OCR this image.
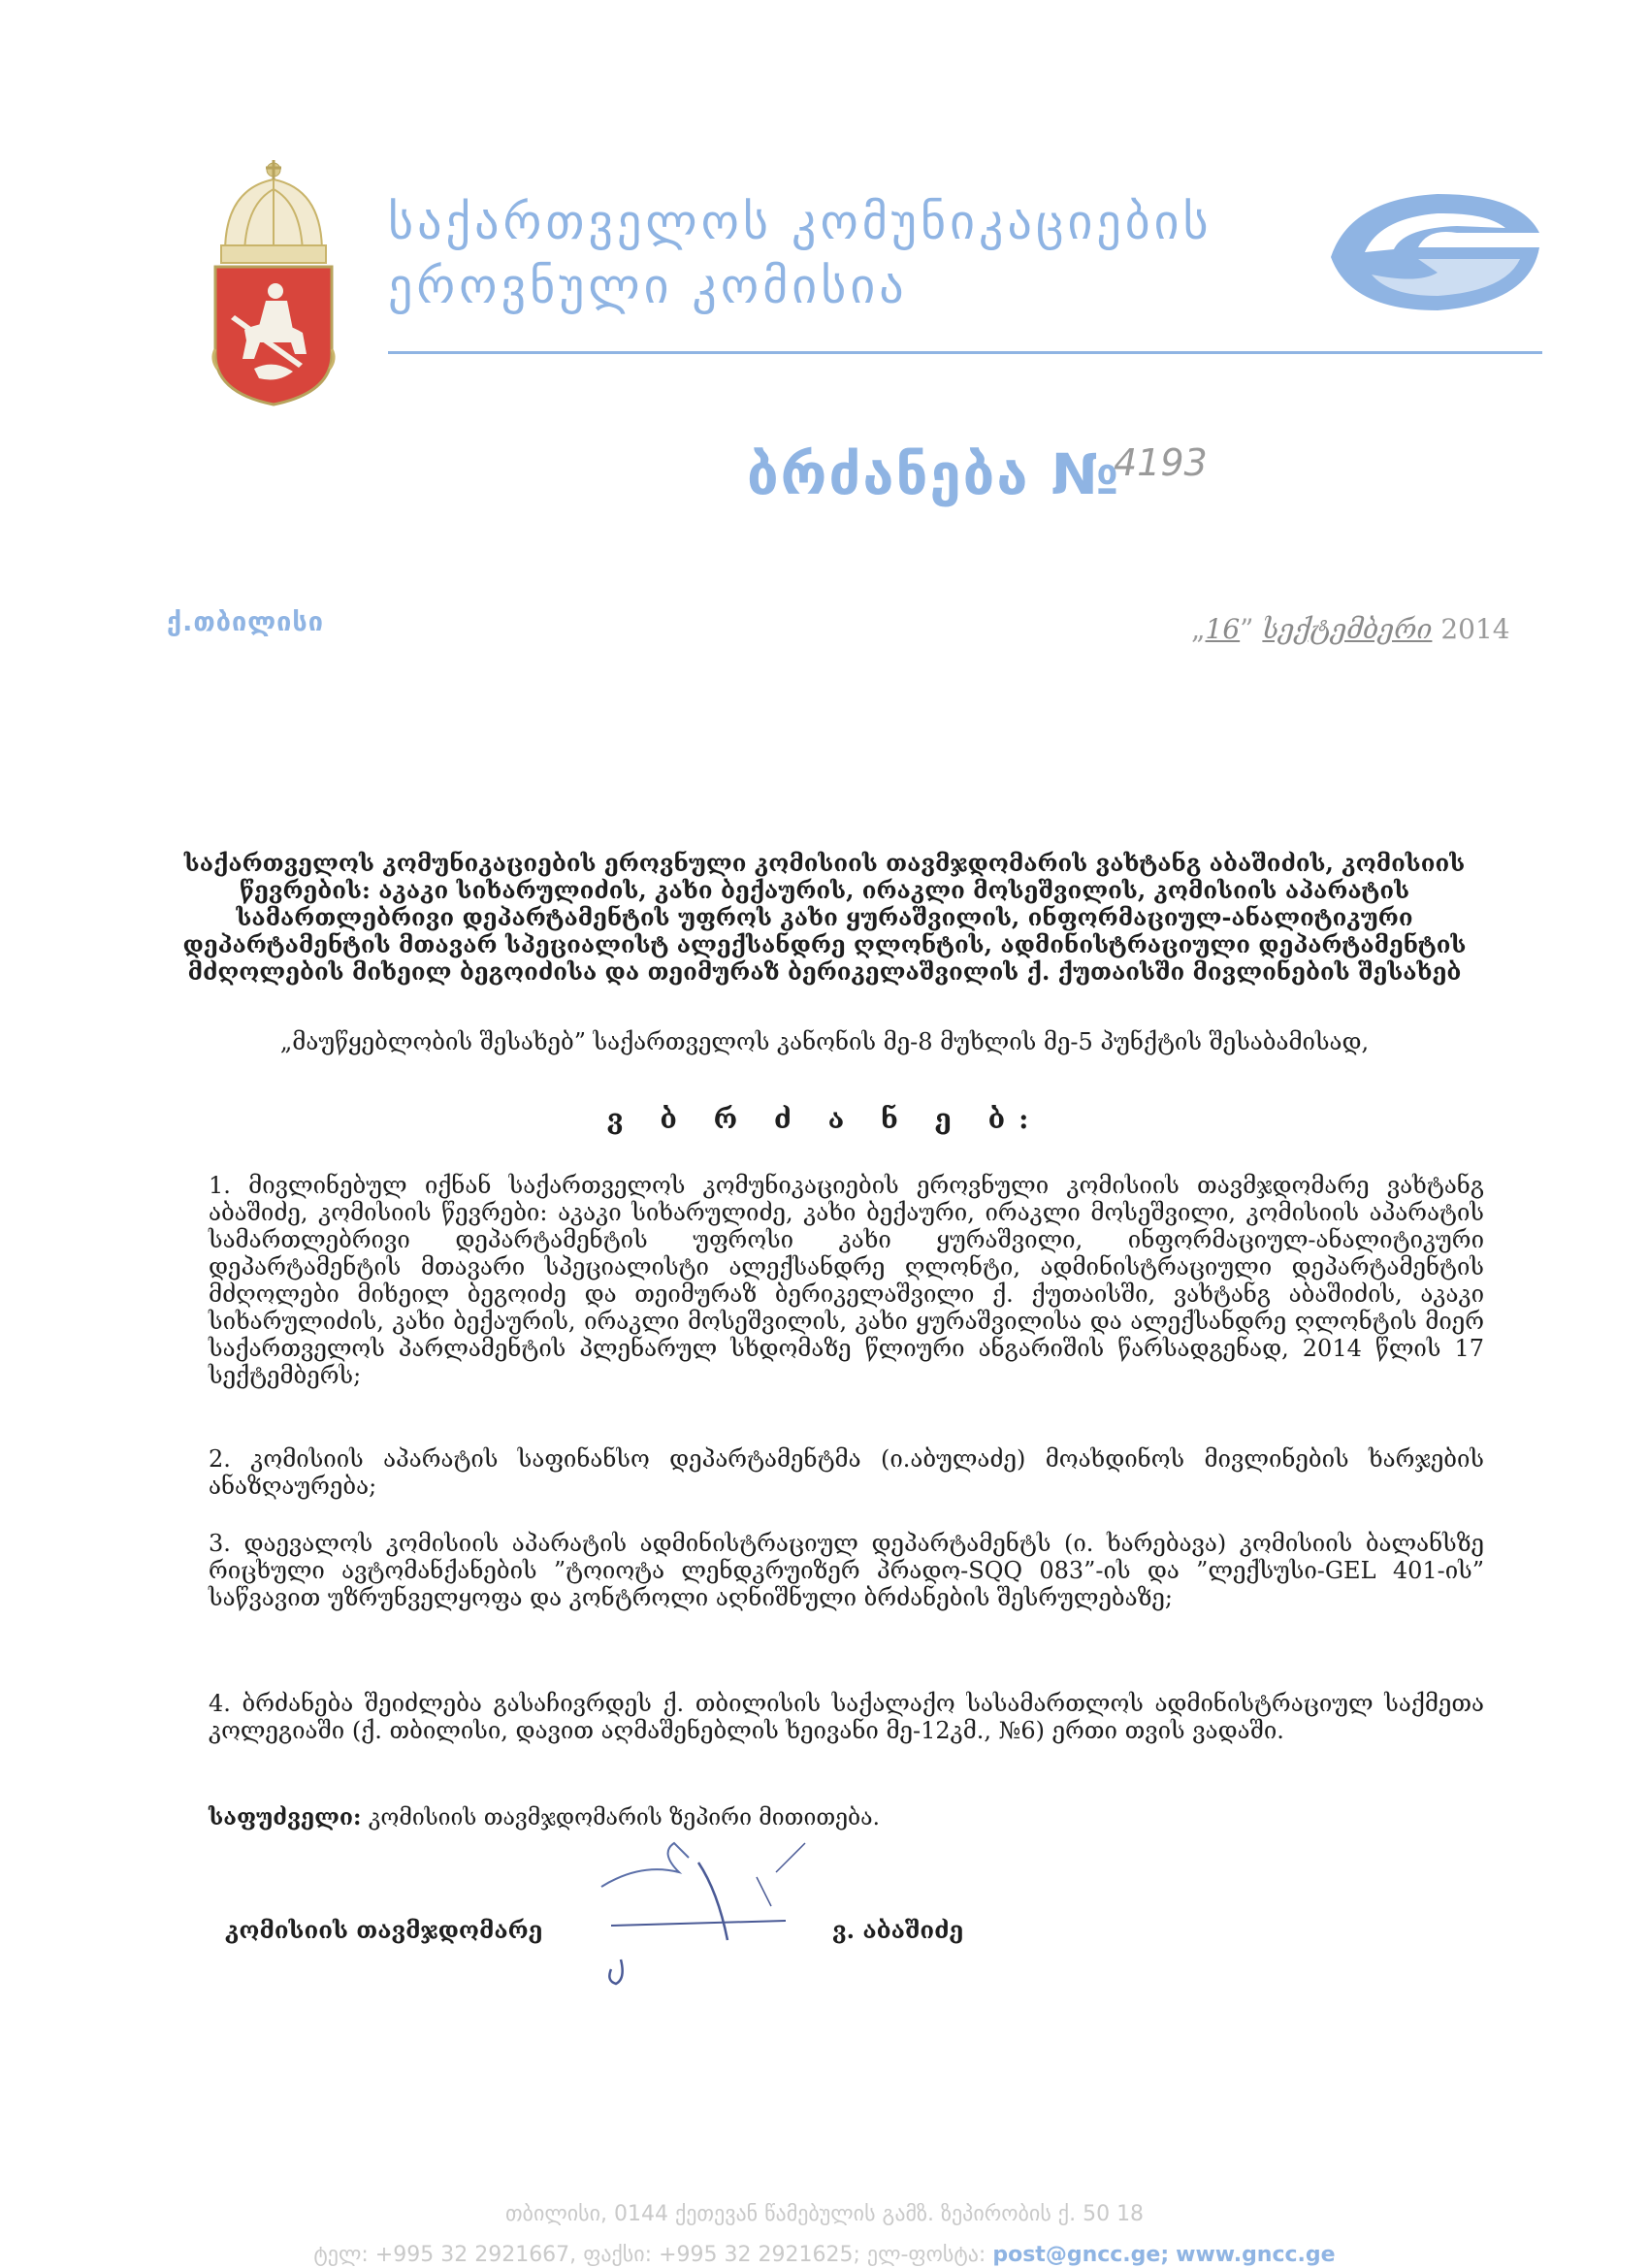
საქართველოს კომუნიკაციების
ეროვნული კომისია
ბრძანება №
4193
ქ.თბილისი	„16” სექტემბერი 2014
საქართველოს კომუნიკაციების ეროვნული კომისიის თავმჯდომარის ვახტანგ აბაშიძის, კომისიის წევრების: აკაკი სიხარულიძის, კახი ბექაურის, ირაკლი მოსეშვილის, კომისიის აპარატის სამართლებრივი დეპარტამენტის უფროს კახი ყურაშვილის, ინფორმაციულ-ანალიტიკური დეპარტამენტის მთავარ სპეციალისტ ალექსანდრე ღლონტის, ადმინისტრაციული დეპარტამენტის მძღოლების მიხეილ ბეგოიძისა და თეიმურაზ ბერიკელაშვილის ქ. ქუთაისში მივლინების შესახებ
„მაუწყებლობის შესახებ” საქართველოს კანონის მე-8 მუხლის მე-5 პუნქტის შესაბამისად,
ვ ბ რ ძ ა ნ ე ბ:
1. მივლინებულ იქნან საქართველოს კომუნიკაციების ეროვნული კომისიის თავმჯდომარე ვახტანგ აბაშიძე, კომისიის წევრები: აკაკი სიხარულიძე, კახი ბექაური, ირაკლი მოსეშვილი, კომისიის აპარატის სამართლებრივი დეპარტამენტის უფროსი კახი ყურაშვილი, ინფორმაციულ-ანალიტიკური დეპარტამენტის მთავარი სპეციალისტი ალექსანდრე ღლონტი, ადმინისტრაციული დეპარტამენტის მძღოლები მიხეილ ბეგოიძე და თეიმურაზ ბერიკელაშვილი ქ. ქუთაისში, ვახტანგ აბაშიძის, აკაკი სიხარულიძის, კახი ბექაურის, ირაკლი მოსეშვილის, კახი ყურაშვილისა და ალექსანდრე ღლონტის მიერ საქართველოს პარლამენტის პლენარულ სხდომაზე წლიური ანგარიშის წარსადგენად, 2014 წლის 17 სექტემბერს;
2. კომისიის აპარატის საფინანსო დეპარტამენტმა (ი.აბულაძე) მოახდინოს მივლინების ხარჯების ანაზღაურება;
3. დაევალოს კომისიის აპარატის ადმინისტრაციულ დეპარტამენტს (ი. ხარებავა) კომისიის ბალანსზე რიცხული ავტომანქანების ”ტოიოტა ლენდკრუიზერ პრადო-SQQ 083”-ის და ”ლექსუსი-GEL 401-ის” საწვავით უზრუნველყოფა და კონტროლი აღნიშნული ბრძანების შესრულებაზე;
4. ბრძანება შეიძლება გასაჩივრდეს ქ. თბილისის საქალაქო სასამართლოს ადმინისტრაციულ საქმეთა კოლეგიაში (ქ. თბილისი, დავით აღმაშენებლის ხეივანი მე-12კმ., №6) ერთი თვის ვადაში.
საფუძველი: კომისიის თავმჯდომარის ზეპირი მითითება.
კომისიის თავმჯდომარე	ვ. აბაშიძე
თბილისი, 0144 ქეთევან წამებულის გამზ. ზეპირობის ქ. 50 18
ტელ: +995 32 2921667, ფაქსი: +995 32 2921625; ელ-ფოსტა: post@gncc.ge; www.gncc.ge
